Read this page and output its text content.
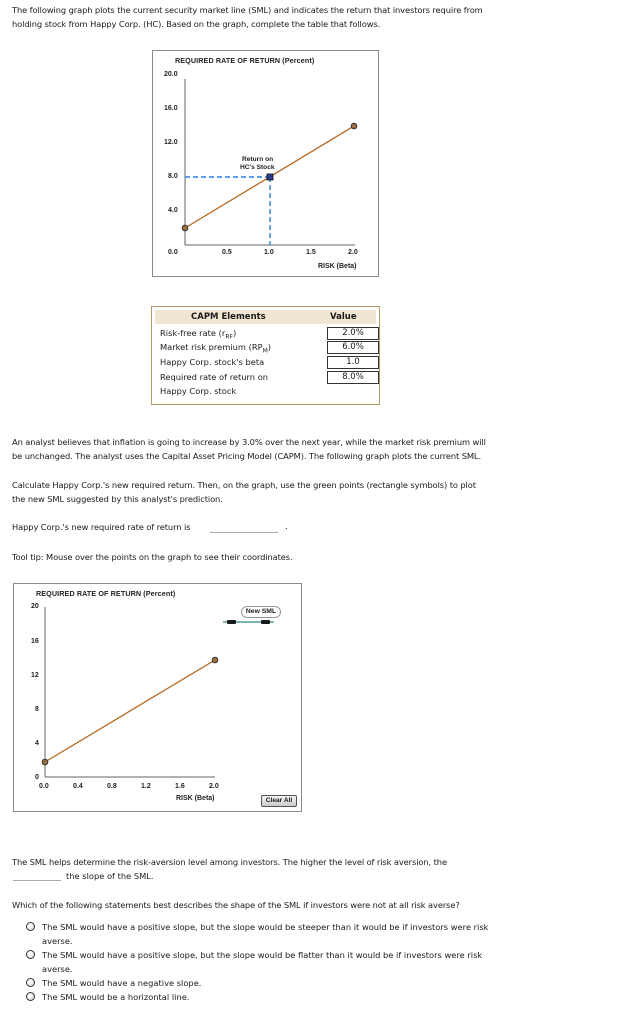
The following graph plots the current security market line (SML) and indicates the return that investors require from
holding stock from Happy Corp. (HC). Based on the graph, complete the table that follows.
REQUIRED RATE OF RETURN (Percent)
20.0
16.0
12.0
8.0
4.0
0.0	0.5	1.0	1.5	2.0
RISK (Beta)
Return on
HC's Stock
CAPM Elements	Value
Risk-free rate $(r_{RF})$	2.0%
Market risk premium $(RP_M)$	6.0%
Happy Corp. stock's beta	1.0
Required rate of return on	8.0%
Happy Corp. stock
An analyst believes that inflation is going to increase by 3.0% over the next year, while the market risk premium will
be unchanged. The analyst uses the Capital Asset Pricing Model (CAPM). The following graph plots the current SML.
Calculate Happy Corp.'s new required return. Then, on the graph, use the green points (rectangle symbols) to plot
the new SML suggested by this analyst's prediction.
Happy Corp.'s new required rate of return is	.
Tool tip: Mouse over the points on the graph to see their coordinates.
REQUIRED RATE OF RETURN (Percent)
20
16
12
8
4
0
0.0	0.4	0.8	1.2	1.6	2.0
RISK (Beta)
New SML
Clear All
The SML helps determine the risk-aversion level among investors. The higher the level of risk aversion, the
the slope of the SML.
Which of the following statements best describes the shape of the SML if investors were not at all risk averse?
The SML would have a positive slope, but the slope would be steeper than it would be if investors were risk
averse.
The SML would have a positive slope, but the slope would be flatter than it would be if investors were risk
averse.
The SML would have a negative slope.
The SML would be a horizontal line.
